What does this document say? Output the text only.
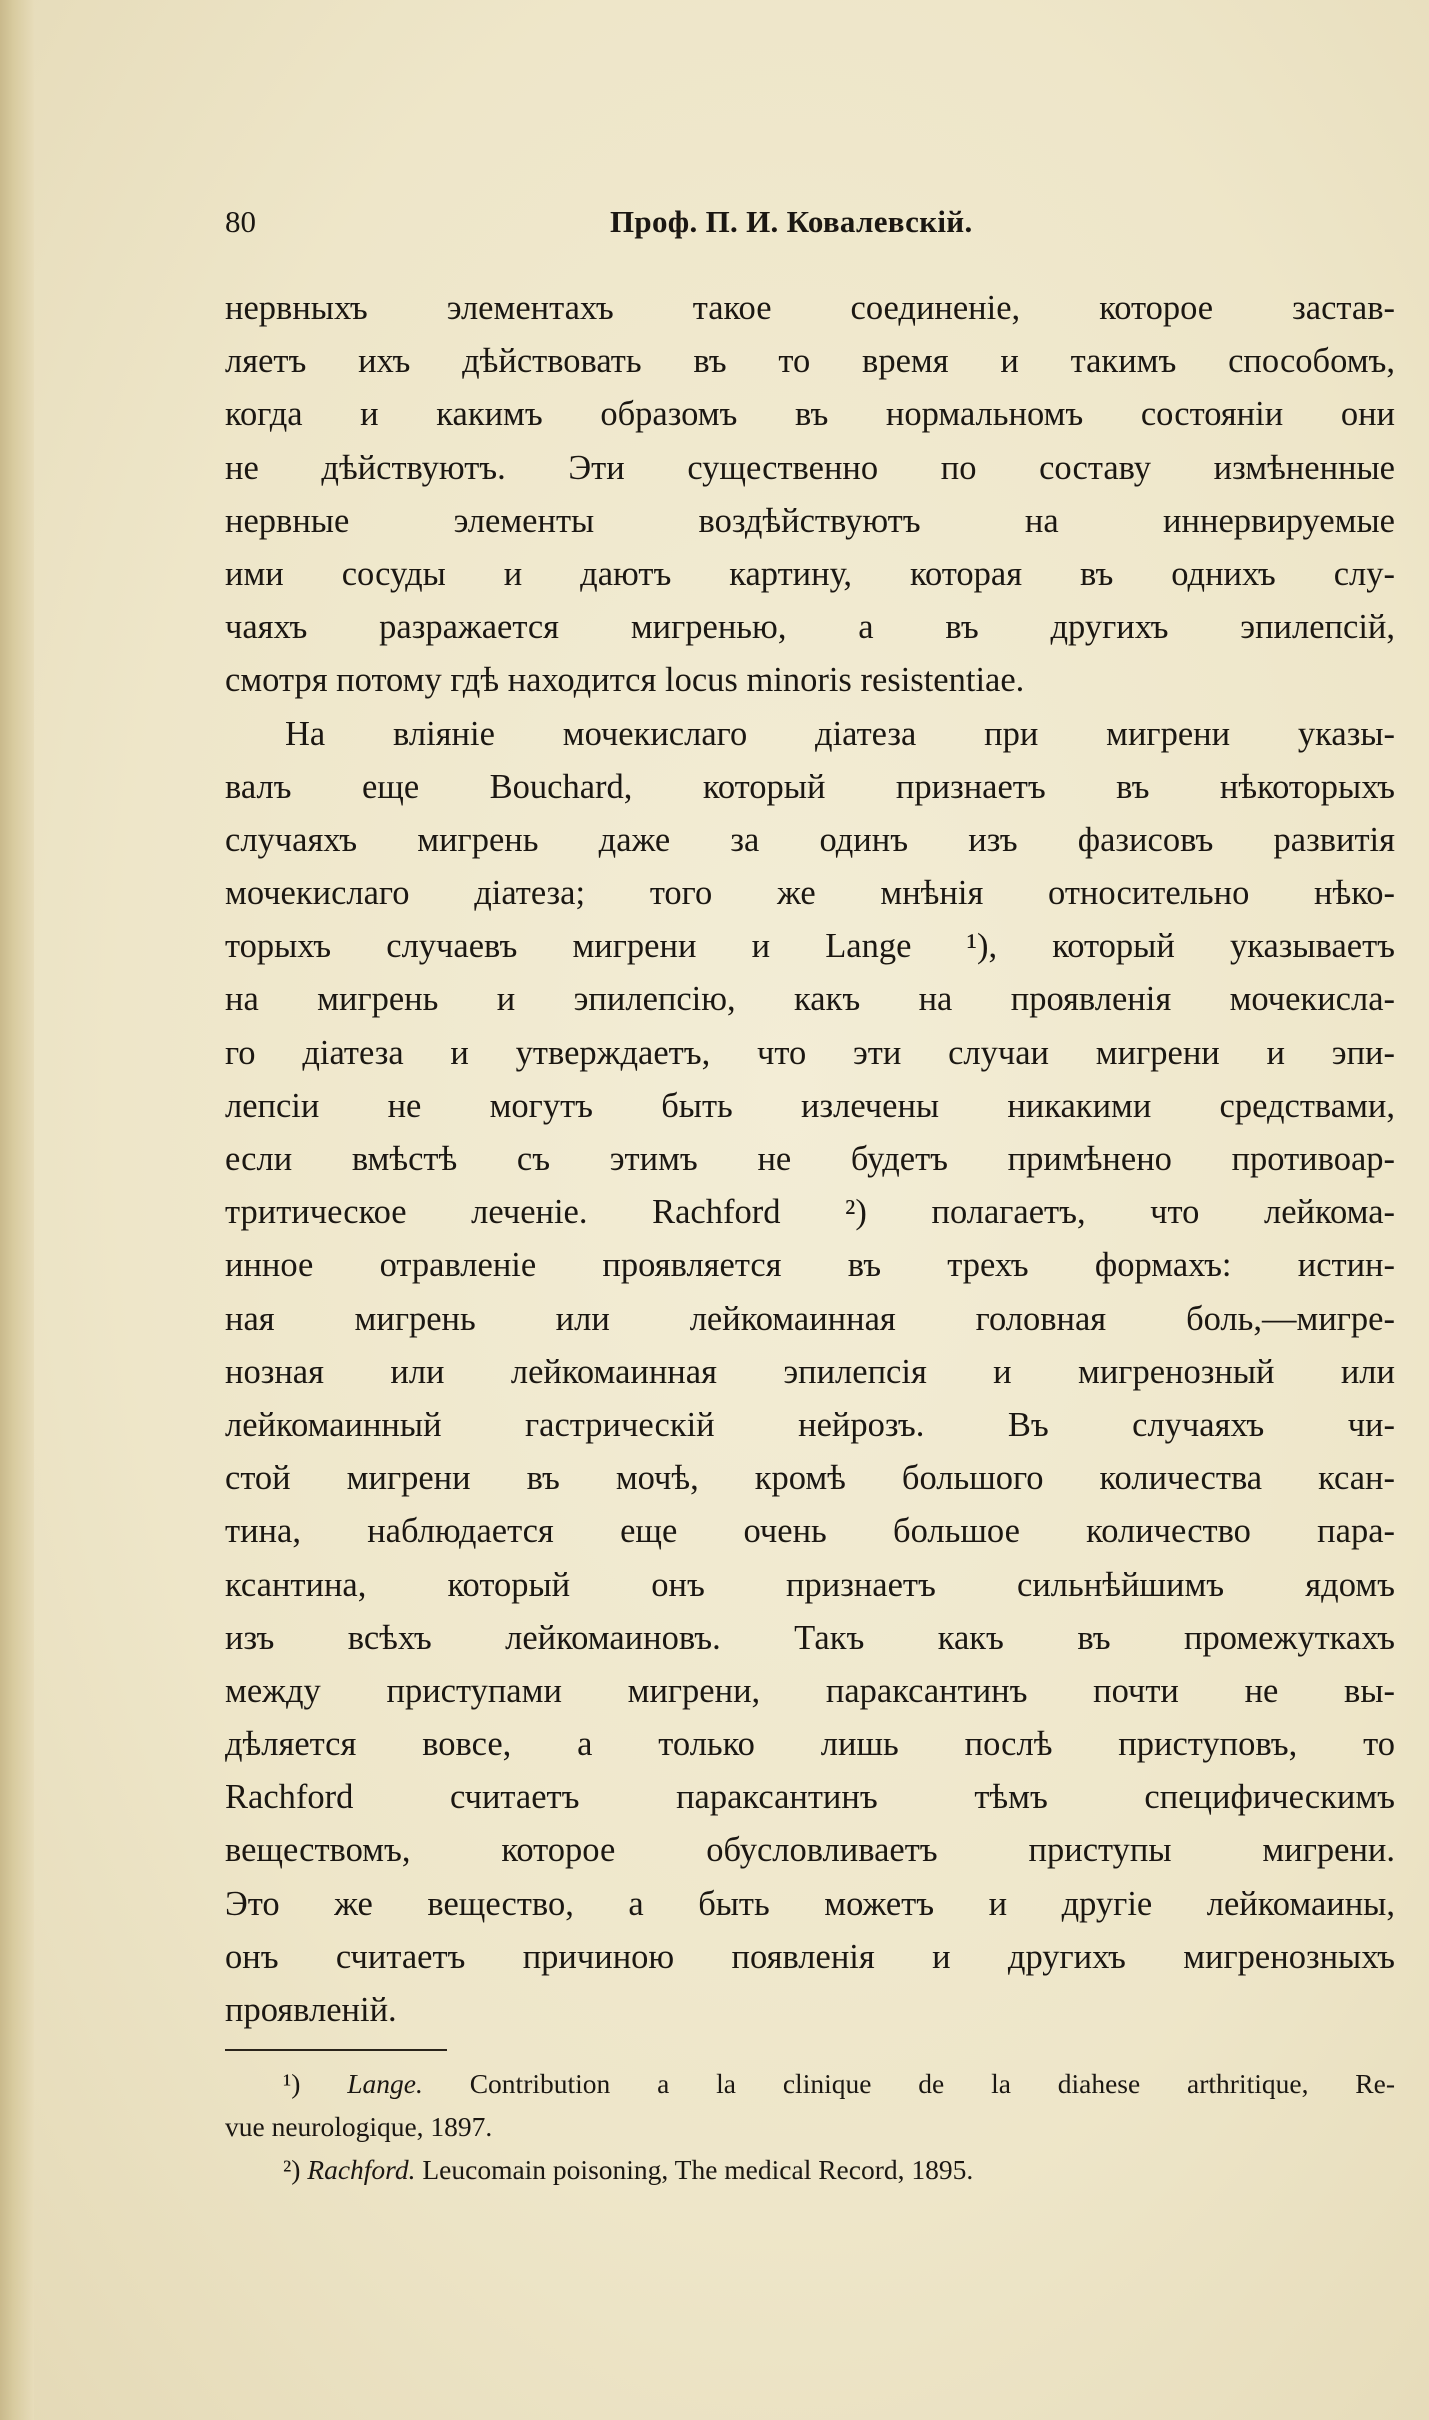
80	Проф. П. И. Ковалевскій.
нервныхъ элементахъ такое соединеніе, которое застав-
ляетъ ихъ дѣйствовать въ то время и такимъ способомъ,
когда и какимъ образомъ въ нормальномъ состояніи они
не дѣйствуютъ. Эти существенно по составу измѣненные
нервные элементы воздѣйствуютъ на иннервируемые
ими сосуды и даютъ картину, которая въ однихъ слу-
чаяхъ разражается мигренью, а въ другихъ эпилепсій,
смотря потому гдѣ находится locus minoris resistentiae.
На вліяніе мочекислаго діатеза при мигрени указы-
валъ еще Bouchard, который признаетъ въ нѣкоторыхъ
случаяхъ мигрень даже за одинъ изъ фазисовъ развитія
мочекислаго діатеза; того же мнѣнія относительно нѣко-
торыхъ случаевъ мигрени и Lange ¹), который указываетъ
на мигрень и эпилепсію, какъ на проявленія мочекисла-
го діатеза и утверждаетъ, что эти случаи мигрени и эпи-
лепсіи не могутъ быть излечены никакими средствами,
если вмѣстѣ съ этимъ не будетъ примѣнено противоар-
тритическое леченіе. Rachford ²) полагаетъ, что лейкома-
инное отравленіе проявляется въ трехъ формахъ: истин-
ная мигрень или лейкомаинная головная боль,—мигре-
нозная или лейкомаинная эпилепсія и мигренозный или
лейкомаинный гастрическій нейрозъ. Въ случаяхъ чи-
стой мигрени въ мочѣ, кромѣ большого количества ксан-
тина, наблюдается еще очень большое количество пара-
ксантина, который онъ признаетъ сильнѣйшимъ ядомъ
изъ всѣхъ лейкомаиновъ. Такъ какъ въ промежуткахъ
между приступами мигрени, параксантинъ почти не вы-
дѣляется вовсе, а только лишь послѣ приступовъ, то
Rachford считаетъ параксантинъ тѣмъ специфическимъ
веществомъ, которое обусловливаетъ приступы мигрени.
Это же вещество, а быть можетъ и другіе лейкомаины,
онъ считаетъ причиною появленія и другихъ мигренозныхъ
проявленій.
¹) Lange. Contribution a la clinique de la diahese arthritique, Re-
vue neurologique, 1897.
²) Rachford. Leucomain poisoning, The medical Record, 1895.
